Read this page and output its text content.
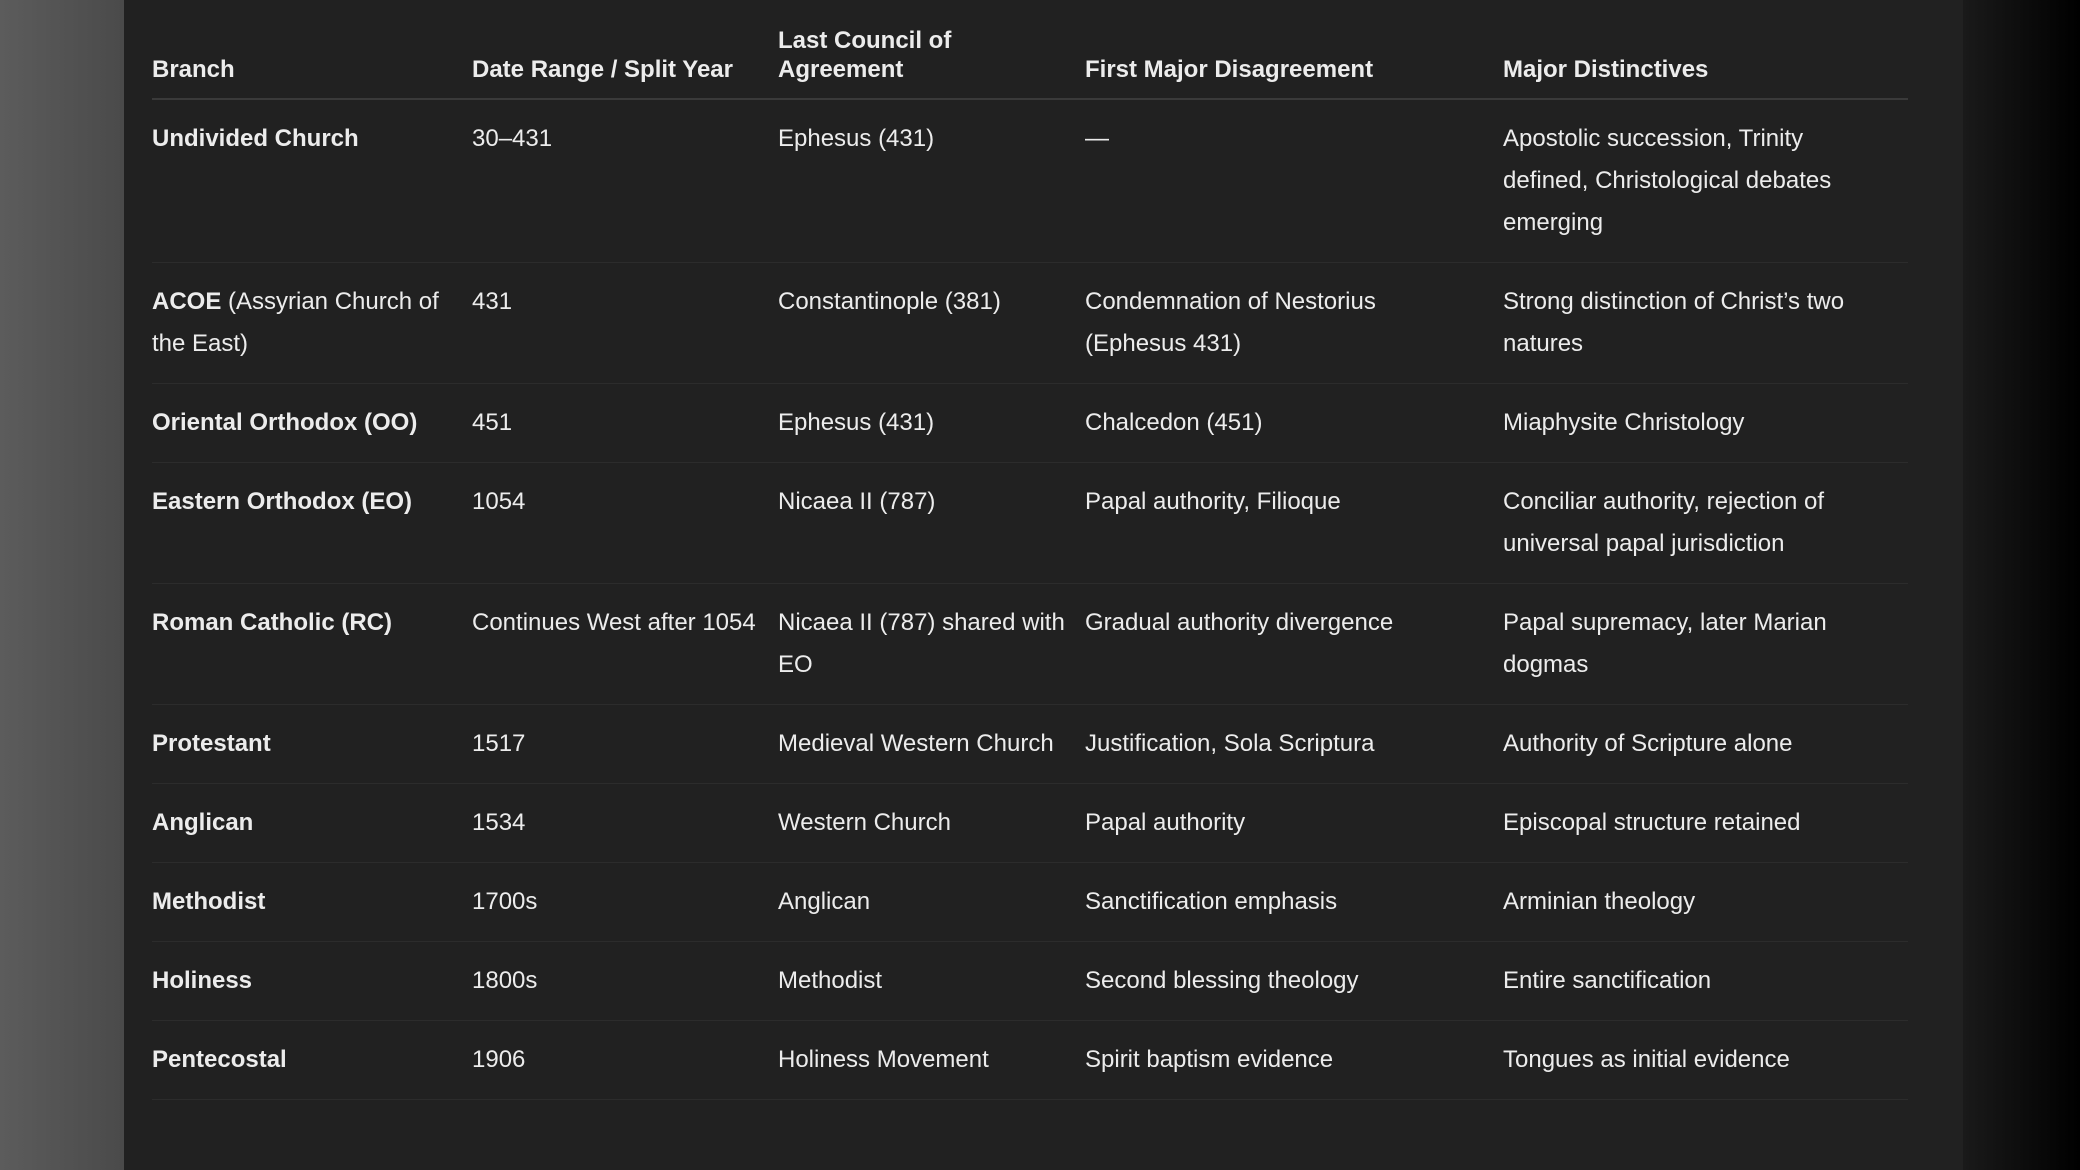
Branch	Date Range / Split Year	Last Council of Agreement	First Major Disagreement	Major Distinctives
Undivided Church	30–431	Ephesus (431)	—	Apostolic succession, Trinity defined, Christological debates emerging
ACOE (Assyrian Church of the East)	431	Constantinople (381)	Condemnation of Nestorius (Ephesus 431)	Strong distinction of Christ’s two natures
Oriental Orthodox (OO)	451	Ephesus (431)	Chalcedon (451)	Miaphysite Christology
Eastern Orthodox (EO)	1054	Nicaea II (787)	Papal authority, Filioque	Conciliar authority, rejection of universal papal jurisdiction
Roman Catholic (RC)	Continues West after 1054	Nicaea II (787) shared with EO	Gradual authority divergence	Papal supremacy, later Marian dogmas
Protestant	1517	Medieval Western Church	Justification, Sola Scriptura	Authority of Scripture alone
Anglican	1534	Western Church	Papal authority	Episcopal structure retained
Methodist	1700s	Anglican	Sanctification emphasis	Arminian theology
Holiness	1800s	Methodist	Second blessing theology	Entire sanctification
Pentecostal	1906	Holiness Movement	Spirit baptism evidence	Tongues as initial evidence
